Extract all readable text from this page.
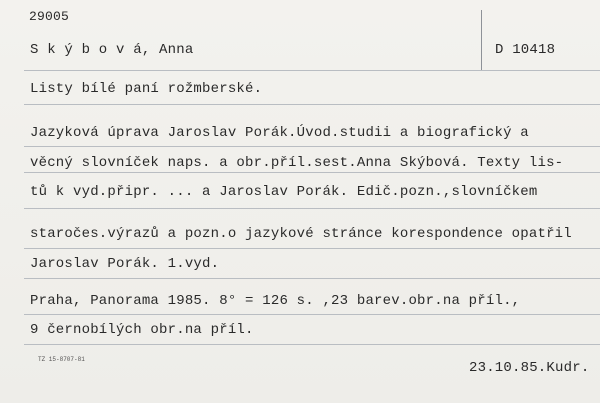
29005
S k ý b o v á, Anna	D 10418
Listy bílé paní rožmberské.
Jazyková úprava Jaroslav Porák.Úvod.studii a biografický a
věcný slovníček naps. a obr.příl.sest.Anna Skýbová. Texty lis-
tů k vyd.připr. ... a Jaroslav Porák. Edič.pozn.,slovníčkem
staročes.výrazů a pozn.o jazykové stránce korespondence opatřil
Jaroslav Porák. 1.vyd.
Praha, Panorama 1985. 8° = 126 s. ,23 barev.obr.na příl.,
9 černobílých obr.na příl.
TZ 15-8707-81
23.10.85.Kudr.
